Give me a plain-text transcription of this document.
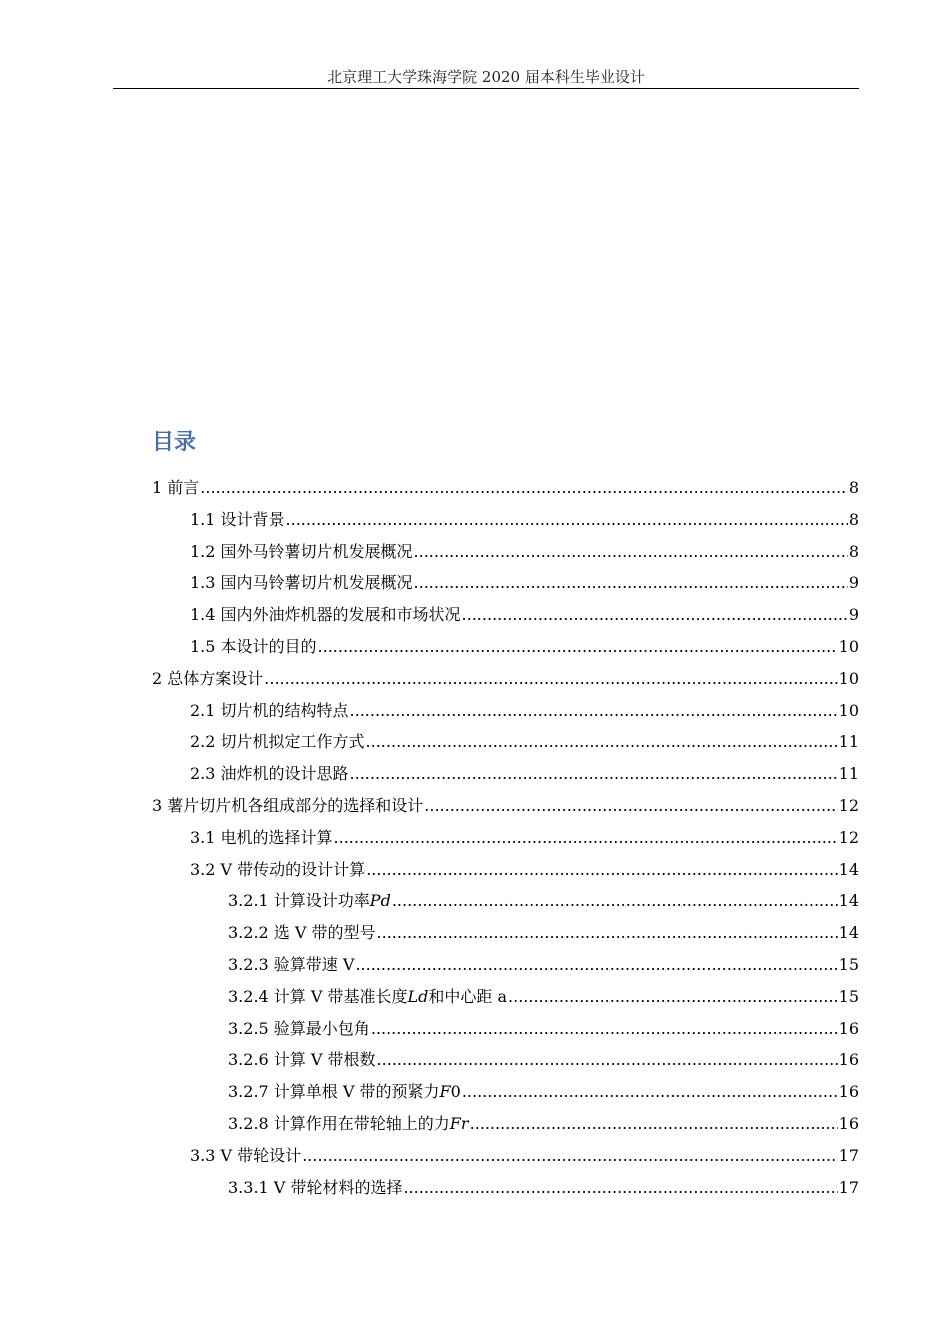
北京理工大学珠海学院 2020 届本科生毕业设计
目录
1 前言 .....	8
1.1 设计背景 .....	8
1.2 国外马铃薯切片机发展概况 .....	8
1.3 国内马铃薯切片机发展概况 .....	9
1.4 国内外油炸机器的发展和市场状况 .....	9
1.5 本设计的目的 .....	10
2 总体方案设计 .....	10
2.1 切片机的结构特点 .....	10
2.2 切片机拟定工作方式 .....	11
2.3 油炸机的设计思路 .....	11
3 薯片切片机各组成部分的选择和设计 .....	12
3.1 电机的选择计算 .....	12
3.2 V 带传动的设计计算 .....	14
3.2.1 计算设计功率𝑃𝑑 .....	14
3.2.2 选 V 带的型号 .....	14
3.2.3 验算带速 V .....	15
3.2.4 计算 V 带基准长度𝐿𝑑和中心距 a .....	15
3.2.5 验算最小包角 .....	16
3.2.6 计算 V 带根数 .....	16
3.2.7 计算单根 V 带的预紧力𝐹0 .....	16
3.2.8 计算作用在带轮轴上的力𝐹𝑟 .....	16
3.3 V 带轮设计 .....	17
3.3.1 V 带轮材料的选择 .....	17
